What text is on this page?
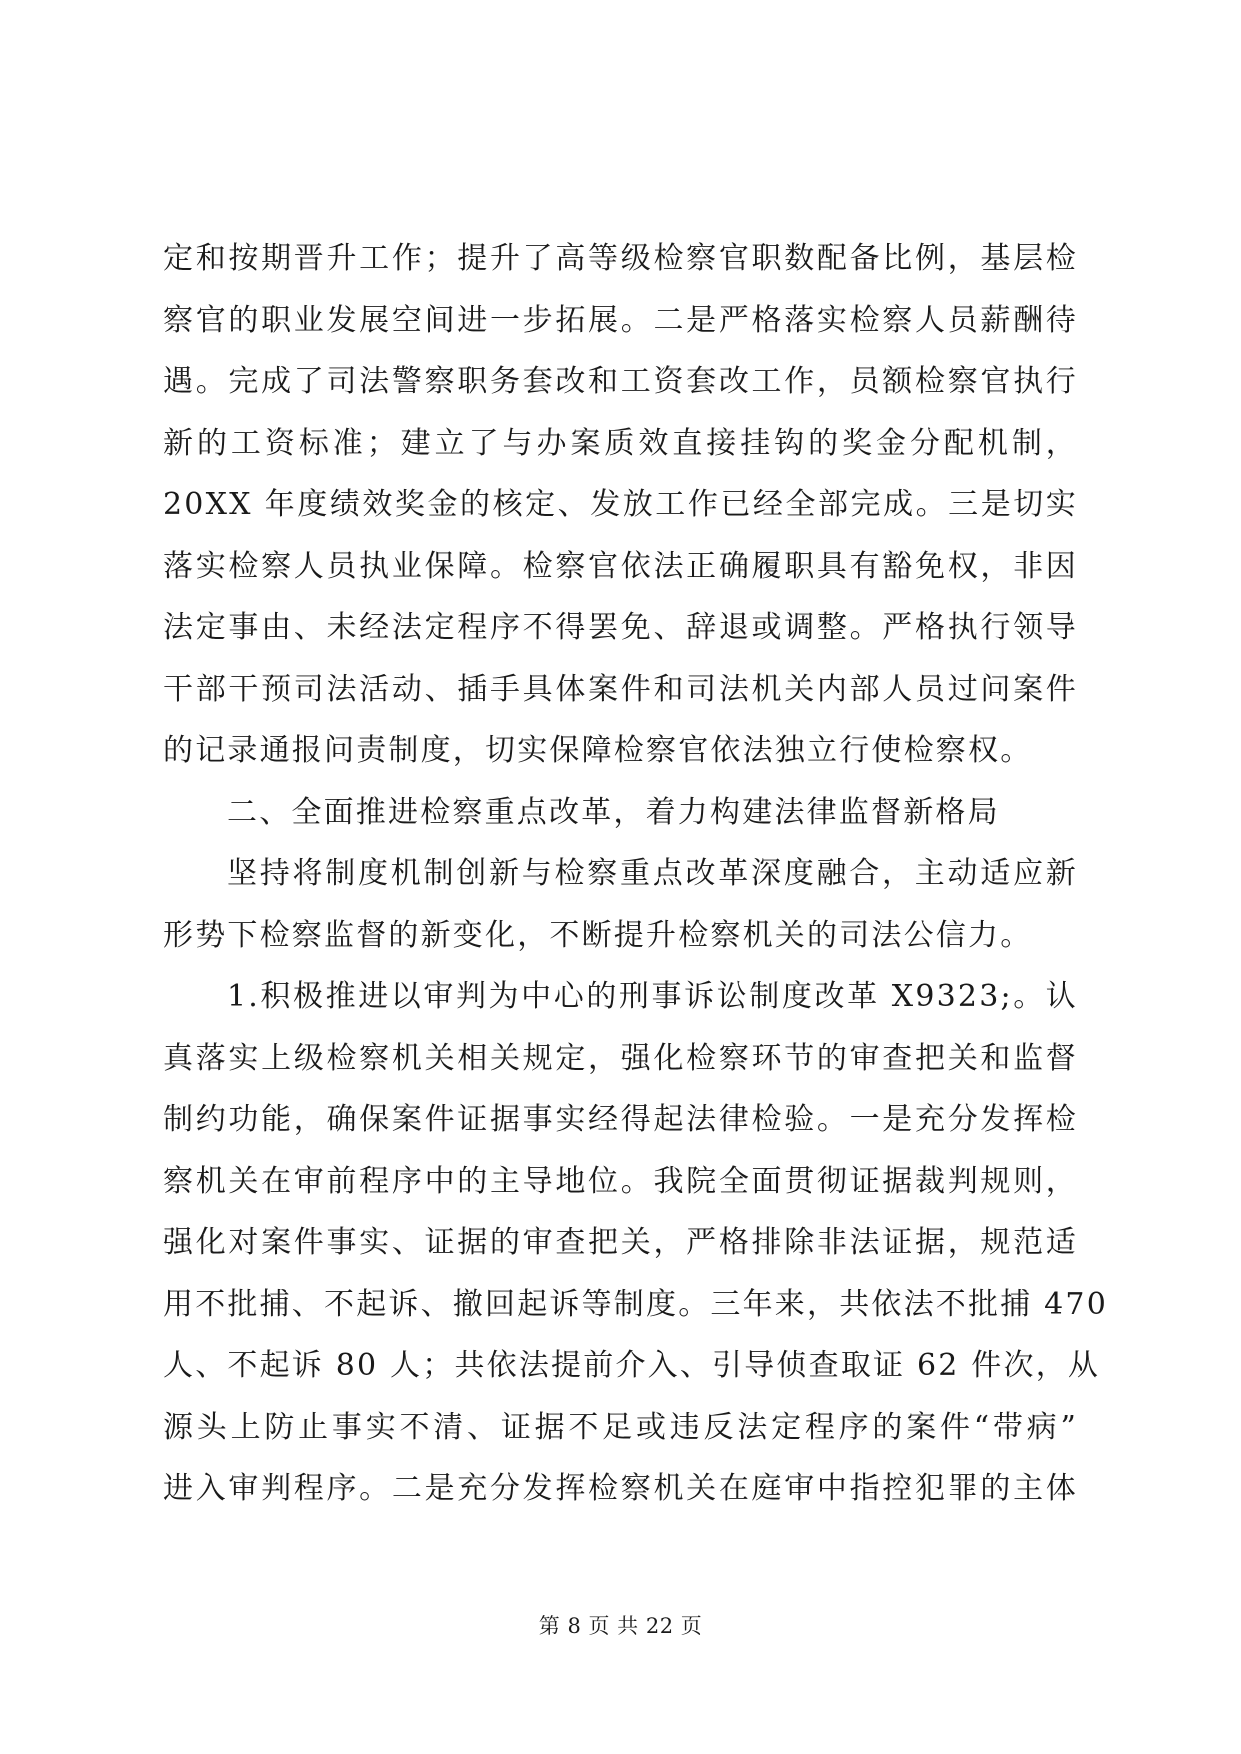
定和按期晋升工作；提升了高等级检察官职数配备比例，基层检
察官的职业发展空间进一步拓展。二是严格落实检察人员薪酬待
遇。完成了司法警察职务套改和工资套改工作，员额检察官执行
新的工资标准；建立了与办案质效直接挂钩的奖金分配机制，
20XX 年度绩效奖金的核定、发放工作已经全部完成。三是切实
落实检察人员执业保障。检察官依法正确履职具有豁免权，非因
法定事由、未经法定程序不得罢免、辞退或调整。严格执行领导
干部干预司法活动、插手具体案件和司法机关内部人员过问案件
的记录通报问责制度，切实保障检察官依法独立行使检察权。
二、全面推进检察重点改革，着力构建法律监督新格局
坚持将制度机制创新与检察重点改革深度融合，主动适应新
形势下检察监督的新变化，不断提升检察机关的司法公信力。
1.积极推进以审判为中心的刑事诉讼制度改革 X9323;。认
真落实上级检察机关相关规定，强化检察环节的审查把关和监督
制约功能，确保案件证据事实经得起法律检验。一是充分发挥检
察机关在审前程序中的主导地位。我院全面贯彻证据裁判规则，
强化对案件事实、证据的审查把关，严格排除非法证据，规范适
用不批捕、不起诉、撤回起诉等制度。三年来，共依法不批捕 470
人、不起诉 80 人；共依法提前介入、引导侦查取证 62 件次，从
源头上防止事实不清、证据不足或违反法定程序的案件“带病”
进入审判程序。二是充分发挥检察机关在庭审中指控犯罪的主体
第 8 页 共 22 页
